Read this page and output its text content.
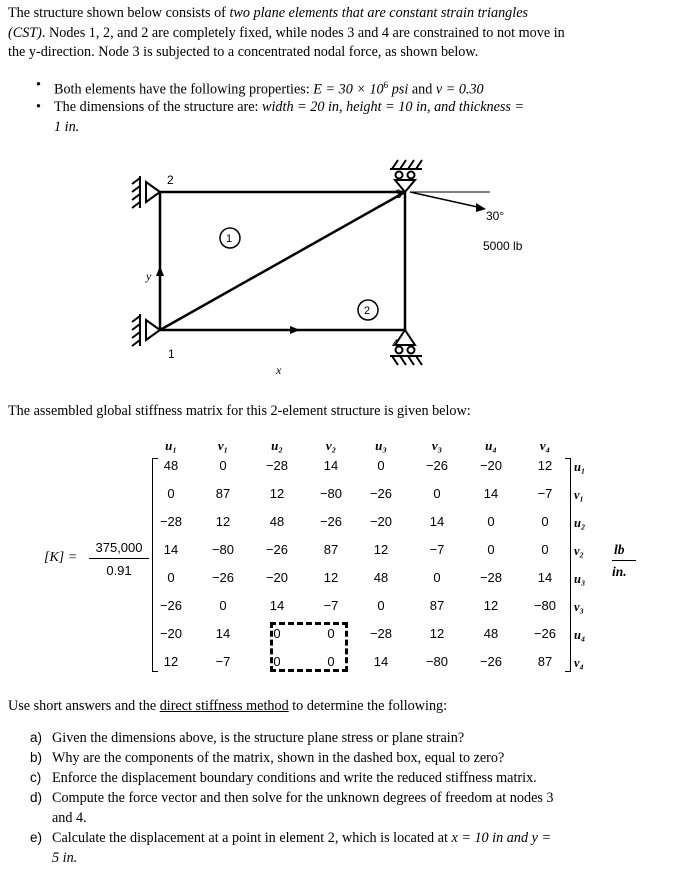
The structure shown below consists of two plane elements that are constant strain triangles
(CST). Nodes 1, 2, and 2 are completely fixed, while nodes 3 and 4 are constrained to not move in
the y-direction. Node 3 is subjected to a concentrated nodal force, as shown below.
• Both elements have the following properties: $E = 30 \times 10^6$ psi and v = 0.30
• The dimensions of the structure are: width = 20 in, height = 10 in, and thickness =
1 in.
2
3
1
4
1
2
30°
5000 lb
y
x
The assembled global stiffness matrix for this 2-element structure is given below:
[K] =
375,000
0.91
u₁	v₁	u₂	v₂	u₃	v₃	u₄	v₄
48	0	−28	14	0	−26	−20	12	u₁
0	87	12	−80	−26	0	14	−7	v₁
−28	12	48	−26	−20	14	0	0	u₂
14	−80	−26	87	12	−7	0	0	v₂
0	−26	−20	12	48	0	−28	14	u₃
−26	0	14	−7	0	87	12	−80	v₃
−20	14	0	0	−28	12	48	−26	u₄
12	−7	0	0	14	−80	−26	87	v₄
lb
in.
Use short answers and the direct stiffness method to determine the following:
a) Given the dimensions above, is the structure plane stress or plane strain?
b) Why are the components of the matrix, shown in the dashed box, equal to zero?
c) Enforce the displacement boundary conditions and write the reduced stiffness matrix.
d) Compute the force vector and then solve for the unknown degrees of freedom at nodes 3
and 4.
e) Calculate the displacement at a point in element 2, which is located at x = 10 in and y =
5 in.
